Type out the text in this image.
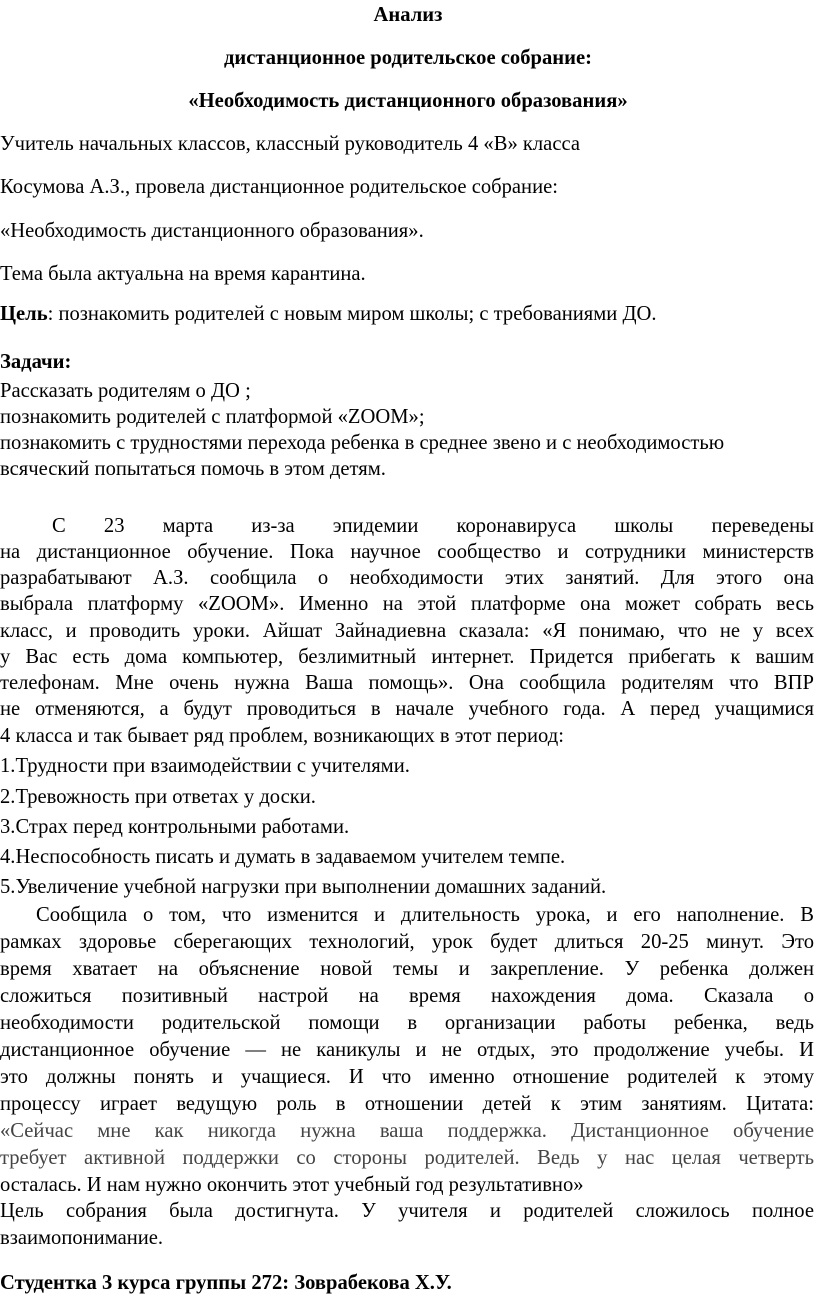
Анализ

дистанционное родительское собрание:

«Необходимость дистанционного образования»

Учитель начальных классов, классный руководитель 4 «В» класса

Косумова А.З., провела дистанционное родительское собрание:

«Необходимость дистанционного образования».

Тема была актуальна на время карантина.

Цель: познакомить родителей с новым миром школы; с требованиями ДО.

Задачи:

Рассказать родителям о ДО ;

познакомить родителей с платформой «ZOOM»;

познакомить с трудностями перехода ребенка в среднее звено и с необходимостью

всяческий попытаться помочь в этом детям.

С 23 марта из-за эпидемии коронавируса школы переведены

на дистанционное обучение. Пока научное сообщество и сотрудники министерств

разрабатывают А.З. сообщила о необходимости этих занятий. Для этого она

выбрала платформу «ZOOM». Именно на этой платформе она может собрать весь

класс, и проводить уроки. Айшат Зайнадиевна сказала: «Я понимаю, что не у всех

у Вас есть дома компьютер, безлимитный интернет. Придется прибегать к вашим

телефонам. Мне очень нужна Ваша помощь». Она сообщила родителям что ВПР

не отменяются, а будут проводиться в начале учебного года. А перед учащимися

4 класса и так бывает ряд проблем, возникающих в этот период:

1.Трудности при взаимодействии с учителями.

2.Тревожность при ответах у доски.

3.Страх перед контрольными работами.

4.Неспособность писать и думать в задаваемом учителем темпе.

5.Увеличение учебной нагрузки при выполнении домашних заданий.

Сообщила о том, что изменится и длительность урока, и его наполнение. В

рамках здоровье сберегающих технологий, урок будет длиться 20-25 минут. Это

время хватает на объяснение новой темы и закрепление. У ребенка должен

сложиться позитивный настрой на время нахождения дома. Сказала о

необходимости родительской помощи в организации работы ребенка, ведь

дистанционное обучение — не каникулы и не отдых, это продолжение учебы. И

это должны понять и учащиеся. И что именно отношение родителей к этому

процессу играет ведущую роль в отношении детей к этим занятиям. Цитата:

«Сейчас мне как никогда нужна ваша поддержка. Дистанционное обучение

требует активной поддержки со стороны родителей. Ведь у нас целая четверть

осталась. И нам нужно окончить этот учебный год результативно»

Цель собрания была достигнута. У учителя и родителей сложилось полное

взаимопонимание.

Студентка 3 курса группы 272: Зоврабекова Х.У.
